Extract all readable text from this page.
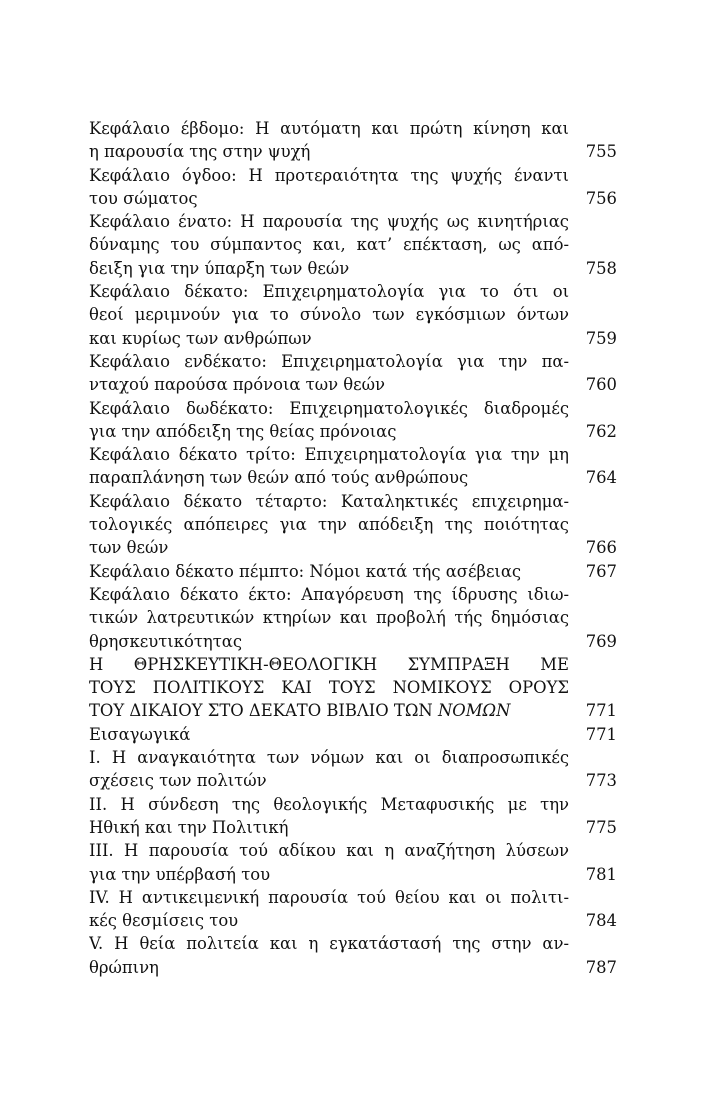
Κεφάλαιο έβδομο: Η αυτόματη και πρώτη κίνηση και
η παρουσία της στην ψυχή	755
Κεφάλαιο όγδοο: Η προτεραιότητα της ψυχής έναντι
του σώματος	756
Κεφάλαιο ένατο: Η παρουσία της ψυχής ως κινητήριας
δύναμης του σύμπαντος και, κατ’ επέκταση, ως από-
δειξη για την ύπαρξη των θεών	758
Κεφάλαιο δέκατο: Επιχειρηματολογία για το ότι οι
θεοί μεριμνούν για το σύνολο των εγκόσμιων όντων
και κυρίως των ανθρώπων	759
Κεφάλαιο ενδέκατο: Επιχειρηματολογία για την πα-
νταχού παρούσα πρόνοια των θεών	760
Κεφάλαιο δωδέκατο: Επιχειρηματολογικές διαδρομές
για την απόδειξη της θείας πρόνοιας	762
Κεφάλαιο δέκατο τρίτο: Επιχειρηματολογία για την μη
παραπλάνηση των θεών από τούς ανθρώπους	764
Κεφάλαιο δέκατο τέταρτο: Καταληκτικές επιχειρημα-
τολογικές απόπειρες για την απόδειξη της ποιότητας
των θεών	766
Κεφάλαιο δέκατο πέμπτο: Νόμοι κατά τής ασέβειας	767
Κεφάλαιο δέκατο έκτο: Απαγόρευση της ίδρυσης ιδιω-
τικών λατρευτικών κτηρίων και προβολή τής δημόσιας
θρησκευτικότητας	769
Η ΘΡΗΣΚΕΥΤΙΚΗ-ΘΕΟΛΟΓΙΚΗ ΣΥΜΠΡΑΞΗ ΜΕ
ΤΟΥΣ ΠΟΛΙΤΙΚΟΥΣ ΚΑΙ ΤΟΥΣ ΝΟΜΙΚΟΥΣ ΟΡΟΥΣ
ΤΟΥ ΔΙΚΑΙΟΥ ΣΤΟ ΔΕΚΑΤΟ ΒΙΒΛΙΟ ΤΩΝ ΝΟΜΩΝ	771
Εισαγωγικά	771
I. Η αναγκαιότητα των νόμων και οι διαπροσωπικές
σχέσεις των πολιτών	773
II. Η σύνδεση της θεολογικής Μεταφυσικής με την
Ηθική και την Πολιτική	775
III. Η παρουσία τού αδίκου και η αναζήτηση λύσεων
για την υπέρβασή του	781
IV. Η αντικειμενική παρουσία τού θείου και οι πολιτι-
κές θεσμίσεις του	784
V. Η θεία πολιτεία και η εγκατάστασή της στην αν-
θρώπινη	787
